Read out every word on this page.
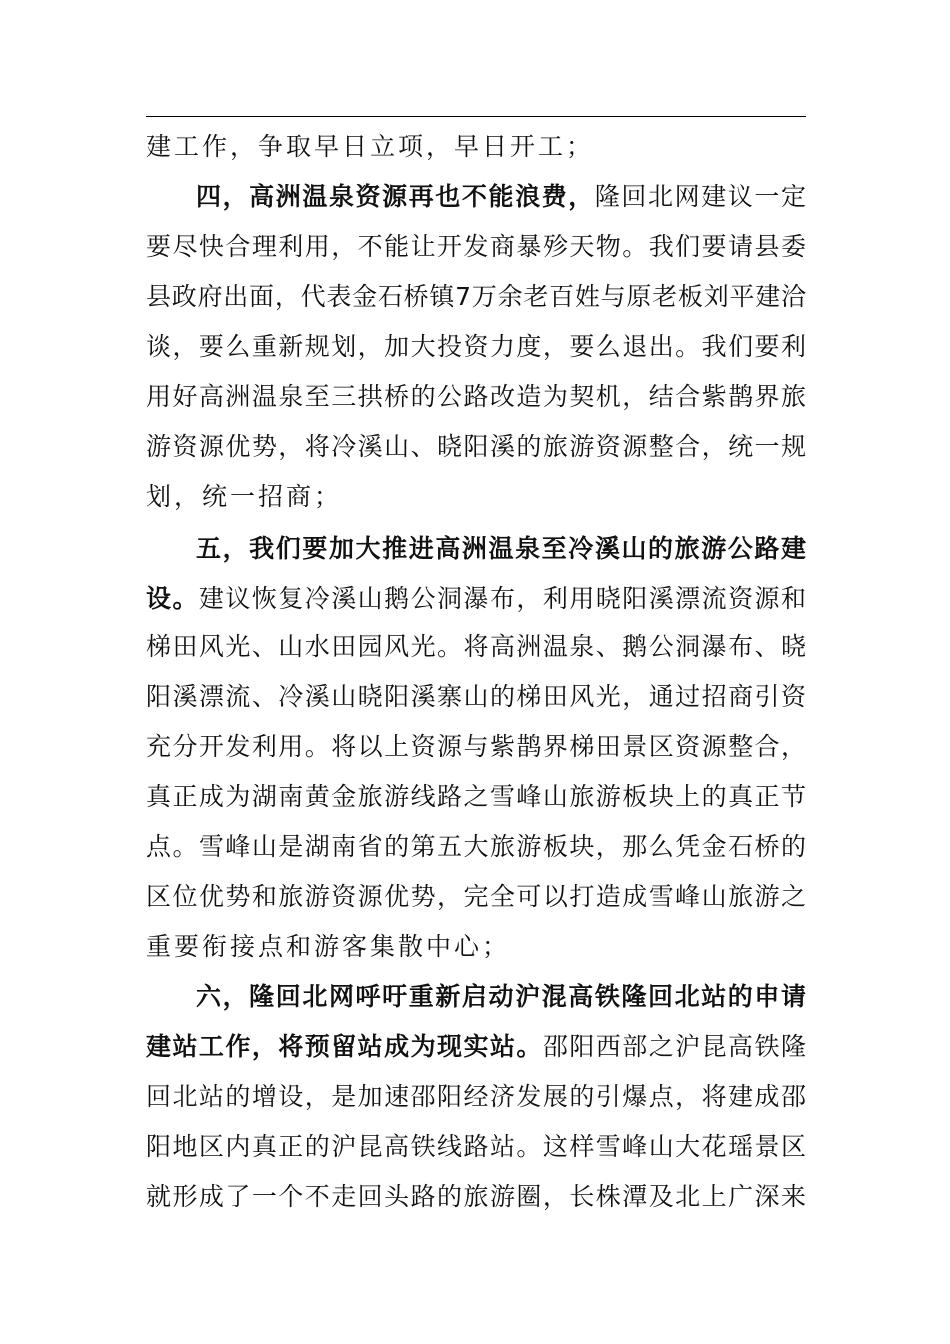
建工作，争取早日立项，早日开工；
四，高洲温泉资源再也不能浪费，隆回北网建议一定
要尽快合理利用，不能让开发商暴殄天物。我们要请县委
县政府出面，代表金石桥镇7万余老百姓与原老板刘平建洽
谈，要么重新规划，加大投资力度，要么退出。我们要利
用好高洲温泉至三拱桥的公路改造为契机，结合紫鹊界旅
游资源优势，将冷溪山、晓阳溪的旅游资源整合，统一规
划，统一招商；
五，我们要加大推进高洲温泉至冷溪山的旅游公路建
设。建议恢复冷溪山鹅公洞瀑布，利用晓阳溪漂流资源和
梯田风光、山水田园风光。将高洲温泉、鹅公洞瀑布、晓
阳溪漂流、冷溪山晓阳溪寨山的梯田风光，通过招商引资
充分开发利用。将以上资源与紫鹊界梯田景区资源整合，
真正成为湖南黄金旅游线路之雪峰山旅游板块上的真正节
点。雪峰山是湖南省的第五大旅游板块，那么凭金石桥的
区位优势和旅游资源优势，完全可以打造成雪峰山旅游之
重要衔接点和游客集散中心；
六，隆回北网呼吁重新启动沪混高铁隆回北站的申请
建站工作，将预留站成为现实站。邵阳西部之沪昆高铁隆
回北站的增设，是加速邵阳经济发展的引爆点，将建成邵
阳地区内真正的沪昆高铁线路站。这样雪峰山大花瑶景区
就形成了一个不走回头路的旅游圈，长株潭及北上广深来
